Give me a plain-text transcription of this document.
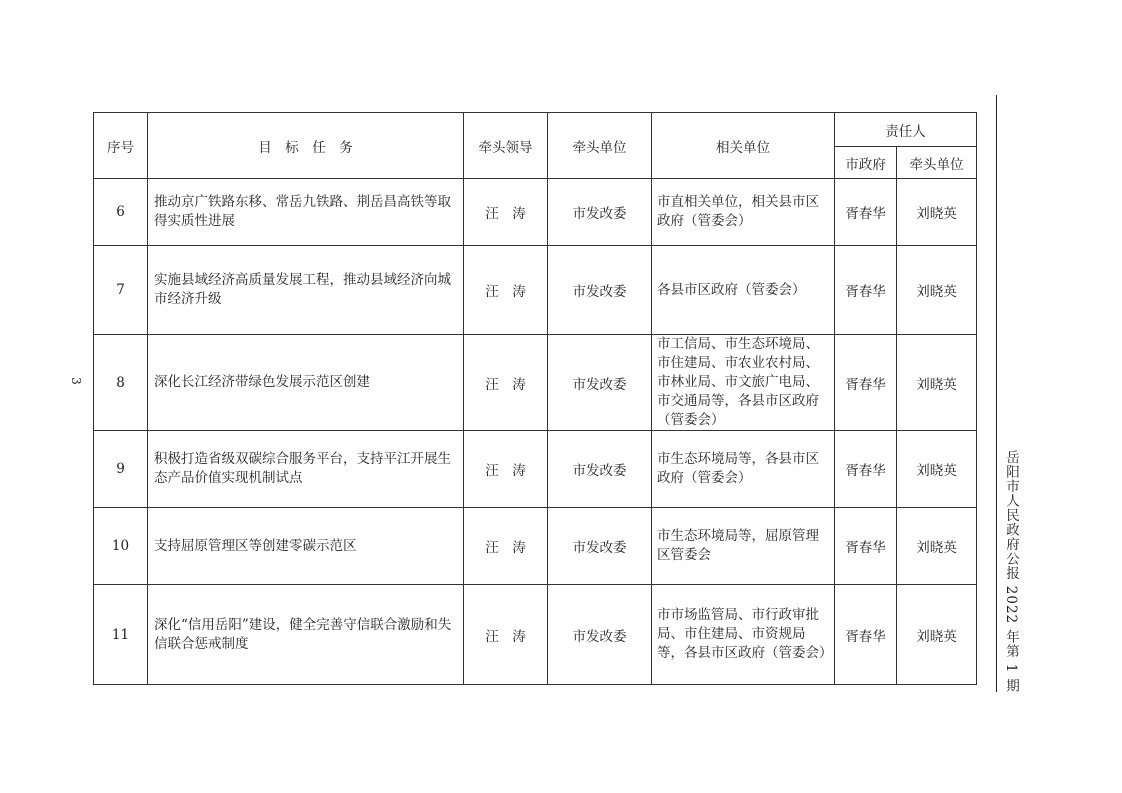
序号	目　标　任　务	牵头领导	牵头单位	相关单位	责任人	
					市政府	牵头单位
6	推动京广铁路东移、常岳九铁路、荆岳昌高铁等取得实质性进展	汪　涛	市发改委	市直相关单位，相关县市区政府（管委会）	胥春华	刘晓英
7	实施县域经济高质量发展工程，推动县域经济向城市经济升级	汪　涛	市发改委	各县市区政府（管委会）	胥春华	刘晓英
8	深化长江经济带绿色发展示范区创建	汪　涛	市发改委	市工信局、市生态环境局、市住建局、市农业农村局、市林业局、市文旅广电局、市交通局等，各县市区政府（管委会）	胥春华	刘晓英
9	积极打造省级双碳综合服务平台，支持平江开展生态产品价值实现机制试点	汪　涛	市发改委	市生态环境局等，各县市区政府（管委会）	胥春华	刘晓英
10	支持屈原管理区等创建零碳示范区	汪　涛	市发改委	市生态环境局等，屈原管理区管委会	胥春华	刘晓英
11	深化“信用岳阳”建设，健全完善守信联合激励和失信联合惩戒制度	汪　涛	市发改委	市市场监管局、市行政审批局、市住建局、市资规局等，各县市区政府（管委会）	胥春华	刘晓英
3
岳阳市人民政府公报 2022 年第 1 期
